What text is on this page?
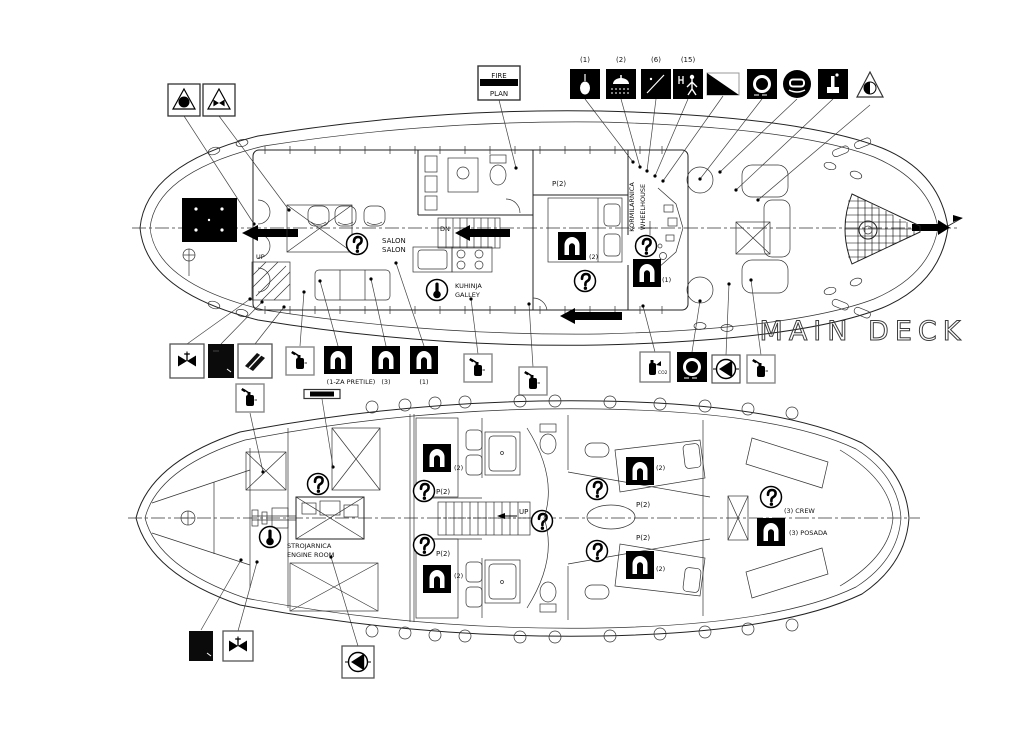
FIRE
PLAN
(1)	(2)	(6)	(15)
UP
SALON
SALON
DN
KUHINJA
GALLEY
P(2)
(2)
KORMILARNICA WHEELHOUSE
(1)
MAIN DECK
(1-ZA PRETILE) (3)	(1)
CO2
STROJARNICA
ENGINE ROOM
(2)
P(2)
(2)
P(2)
UP
(2)
P(2)
(2)
P(2)
(3) CREW
(3) POSADA
